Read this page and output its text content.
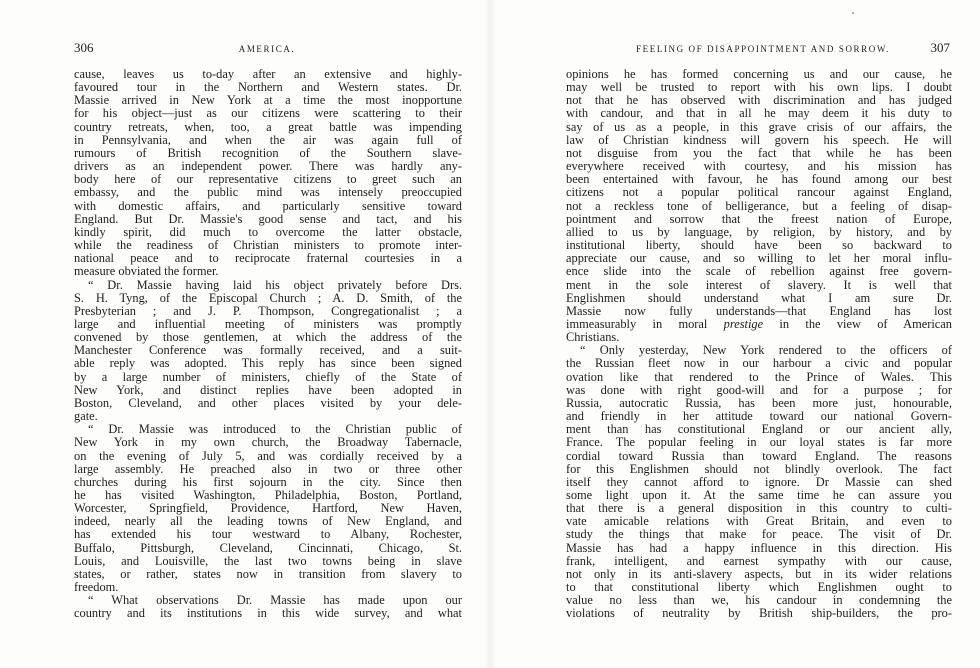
306	AMERICA.
cause, leaves us to-day after an extensive and highly-
favoured tour in the Northern and Western states. Dr.
Massie arrived in New York at a time the most inopportune
for his object—just as our citizens were scattering to their
country retreats, when, too, a great battle was impending
in Pennsylvania, and when the air was again full of
rumours of British recognition of the Southern slave-
drivers as an independent power. There was hardly any-
body here of our representative citizens to greet such an
embassy, and the public mind was intensely preoccupied
with domestic affairs, and particularly sensitive toward
England. But Dr. Massie's good sense and tact, and his
kindly spirit, did much to overcome the latter obstacle,
while the readiness of Christian ministers to promote inter-
national peace and to reciprocate fraternal courtesies in a
measure obviated the former.
“ Dr. Massie having laid his object privately before Drs.
S. H. Tyng, of the Episcopal Church ; A. D. Smith, of the
Presbyterian ; and J. P. Thompson, Congregationalist ; a
large and influential meeting of ministers was promptly
convened by those gentlemen, at which the address of the
Manchester Conference was formally received, and a suit-
able reply was adopted. This reply has since been signed
by a large number of ministers, chiefly of the State of
New York, and distinct replies have been adopted in
Boston, Cleveland, and other places visited by your dele-
gate.
“ Dr. Massie was introduced to the Christian public of
New York in my own church, the Broadway Tabernacle,
on the evening of July 5, and was cordially received by a
large assembly. He preached also in two or three other
churches during his first sojourn in the city. Since then
he has visited Washington, Philadelphia, Boston, Portland,
Worcester, Springfield, Providence, Hartford, New Haven,
indeed, nearly all the leading towns of New England, and
has extended his tour westward to Albany, Rochester,
Buffalo, Pittsburgh, Cleveland, Cincinnati, Chicago, St.
Louis, and Louisville, the last two towns being in slave
states, or rather, states now in transition from slavery to
freedom.
“ What observations Dr. Massie has made upon our
country and its institutions in this wide survey, and what
FEELING OF DISAPPOINTMENT AND SORROW.	307
opinions he has formed concerning us and our cause, he
may well be trusted to report with his own lips. I doubt
not that he has observed with discrimination and has judged
with candour, and that in all he may deem it his duty to
say of us as a people, in this grave crisis of our affairs, the
law of Christian kindness will govern his speech. He will
not disguise from you the fact that while he has been
everywhere received with courtesy, and his mission has
been entertained with favour, he has found among our best
citizens not a popular political rancour against England,
not a reckless tone of belligerance, but a feeling of disap-
pointment and sorrow that the freest nation of Europe,
allied to us by language, by religion, by history, and by
institutional liberty, should have been so backward to
appreciate our cause, and so willing to let her moral influ-
ence slide into the scale of rebellion against free govern-
ment in the sole interest of slavery. It is well that
Englishmen should understand what I am sure Dr.
Massie now fully understands—that England has lost
immeasurably in moral prestige in the view of American
Christians.
“ Only yesterday, New York rendered to the officers of
the Russian fleet now in our harbour a civic and popular
ovation like that rendered to the Prince of Wales. This
was done with right good-will and for a purpose ; for
Russia, autocratic Russia, has been more just, honourable,
and friendly in her attitude toward our national Govern-
ment than has constitutional England or our ancient ally,
France. The popular feeling in our loyal states is far more
cordial toward Russia than toward England. The reasons
for this Englishmen should not blindly overlook. The fact
itself they cannot afford to ignore. Dr Massie can shed
some light upon it. At the same time he can assure you
that there is a general disposition in this country to culti-
vate amicable relations with Great Britain, and even to
study the things that make for peace. The visit of Dr.
Massie has had a happy influence in this direction. His
frank, intelligent, and earnest sympathy with our cause,
not only in its anti-slavery aspects, but in its wider relations
to that constitutional liberty which Englishmen ought to
value no less than we, his candour in condemning the
violations of neutrality by British ship-builders, the pro-
